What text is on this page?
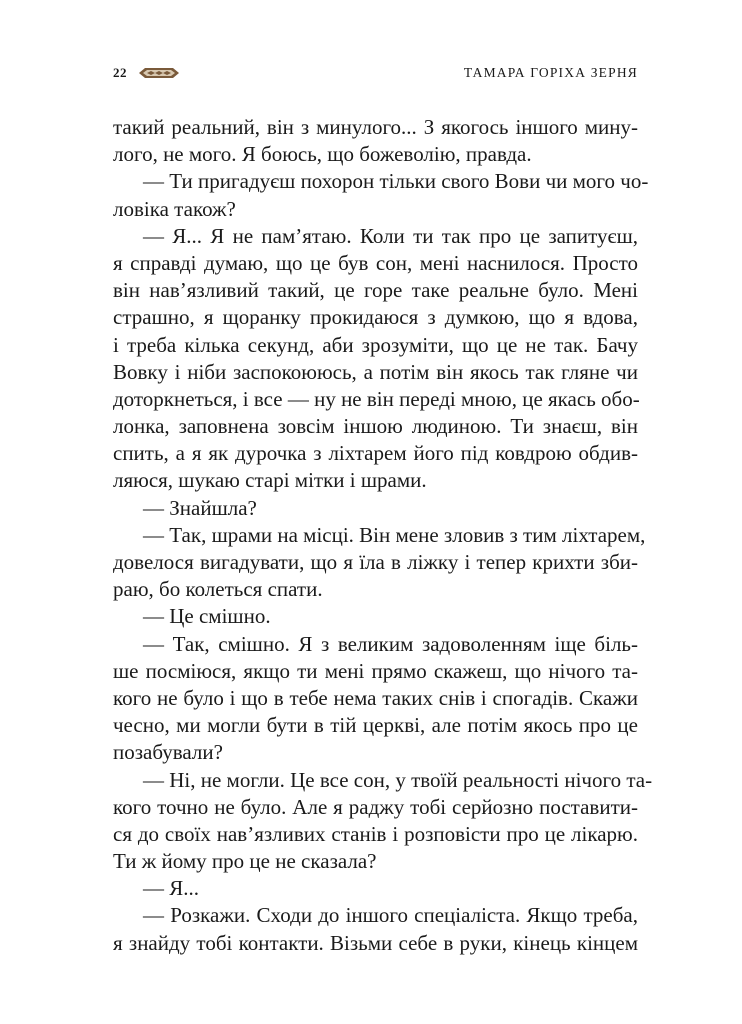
22	ТАМАРА ГОРІХА ЗЕРНЯ
такий реальний, він з минулого... З якогось іншого мину-
лого, не мого. Я боюсь, що божеволію, правда.
— Ти пригадуєш похорон тільки свого Вови чи мого чо-
ловіка також?
— Я... Я не пам’ятаю. Коли ти так про це запитуєш,
я справді думаю, що це був сон, мені наснилося. Просто
він нав’язливий такий, це горе таке реальне було. Мені
страшно, я щоранку прокидаюся з думкою, що я вдова,
і треба кілька секунд, аби зрозуміти, що це не так. Бачу
Вовку і ніби заспокоююсь, а потім він якось так гляне чи
доторкнеться, і все — ну не він переді мною, це якась обо-
лонка, заповнена зовсім іншою людиною. Ти знаєш, він
спить, а я як дурочка з ліхтарем його під ковдрою обдив-
ляюся, шукаю старі мітки і шрами.
— Знайшла?
— Так, шрами на місці. Він мене зловив з тим ліхтарем,
довелося вигадувати, що я їла в ліжку і тепер крихти зби-
раю, бо колеться спати.
— Це смішно.
— Так, смішно. Я з великим задоволенням іще біль-
ше посміюся, якщо ти мені прямо скажеш, що нічого та-
кого не було і що в тебе нема таких снів і спогадів. Скажи
чесно, ми могли бути в тій церкві, але потім якось про це
позабували?
— Ні, не могли. Це все сон, у твоїй реальності нічого та-
кого точно не було. Але я раджу тобі серйозно поставити-
ся до своїх нав’язливих станів і розповісти про це лікарю.
Ти ж йому про це не сказала?
— Я...
— Розкажи. Сходи до іншого спеціаліста. Якщо треба,
я знайду тобі контакти. Візьми себе в руки, кінець кінцем
